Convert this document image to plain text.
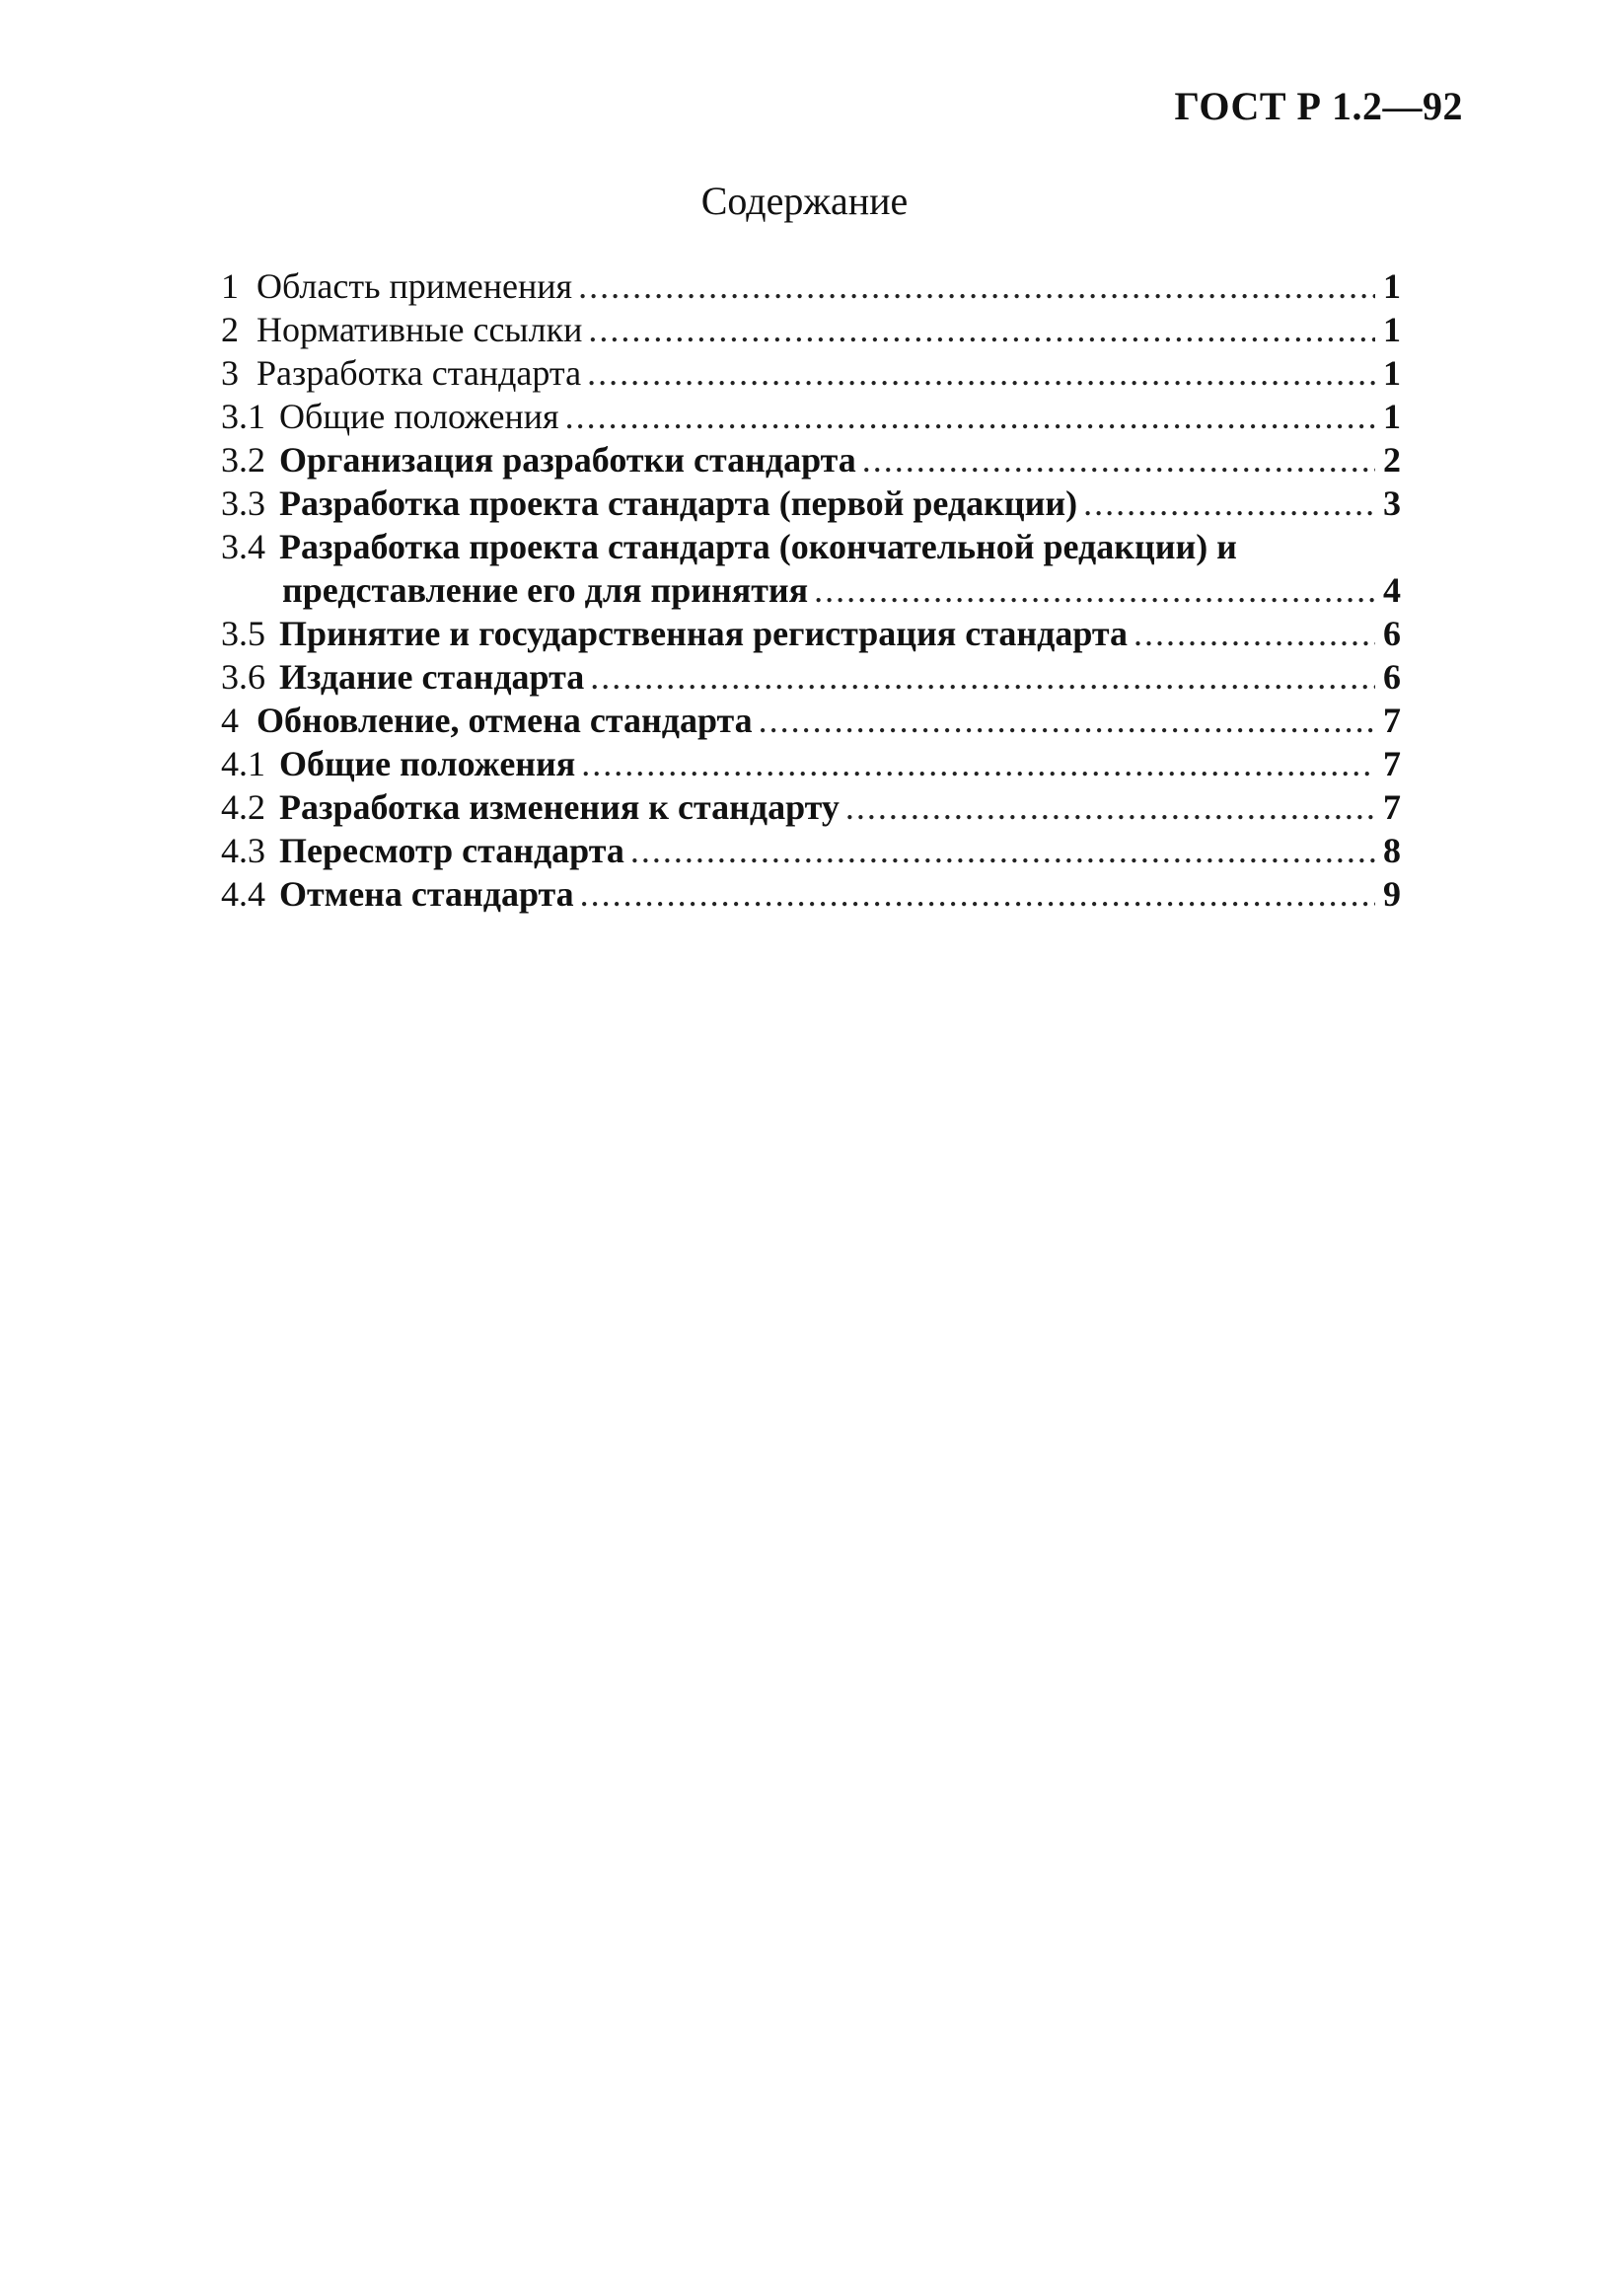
ГОСТ Р 1.2—92
Содержание
1 Область применения .....	1
2 Нормативные ссылки .....	1
3 Разработка стандарта .....	1
3.1 Общие положения .....	1
3.2 Организация разработки стандарта .....	2
3.3 Разработка проекта стандарта (первой редакции) .....	3
3.4 Разработка проекта стандарта (окончательной редакции) и
представление его для принятия .....	4
3.5 Принятие и государственная регистрация стандарта .....	6
3.6 Издание стандарта .....	6
4 Обновление, отмена стандарта .....	7
4.1 Общие положения .....	7
4.2 Разработка изменения к стандарту .....	7
4.3 Пересмотр стандарта .....	8
4.4 Отмена стандарта .....	9
